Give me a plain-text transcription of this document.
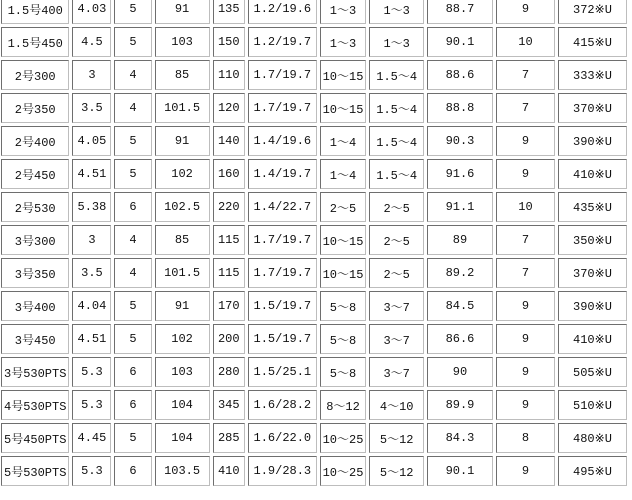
1.5号400	4.03	5	91	135	1.2/19.6	1～3	1～3	88.7	9	372※U
1.5号450	4.5	5	103	150	1.2/19.7	1～3	1～3	90.1	10	415※U
2号300	3	4	85	110	1.7/19.7	10～15	1.5～4	88.6	7	333※U
2号350	3.5	4	101.5	120	1.7/19.7	10～15	1.5～4	88.8	7	370※U
2号400	4.05	5	91	140	1.4/19.6	1～4	1.5～4	90.3	9	390※U
2号450	4.51	5	102	160	1.4/19.7	1～4	1.5～4	91.6	9	410※U
2号530	5.38	6	102.5	220	1.4/22.7	2～5	2～5	91.1	10	435※U
3号300	3	4	85	115	1.7/19.7	10～15	2～5	89	7	350※U
3号350	3.5	4	101.5	115	1.7/19.7	10～15	2～5	89.2	7	370※U
3号400	4.04	5	91	170	1.5/19.7	5～8	3～7	84.5	9	390※U
3号450	4.51	5	102	200	1.5/19.7	5～8	3～7	86.6	9	410※U
3号530PTS	5.3	6	103	280	1.5/25.1	5～8	3～7	90	9	505※U
4号530PTS	5.3	6	104	345	1.6/28.2	8～12	4～10	89.9	9	510※U
5号450PTS	4.45	5	104	285	1.6/22.0	10～25	5～12	84.3	8	480※U
5号530PTS	5.3	6	103.5	410	1.9/28.3	10～25	5～12	90.1	9	495※U
